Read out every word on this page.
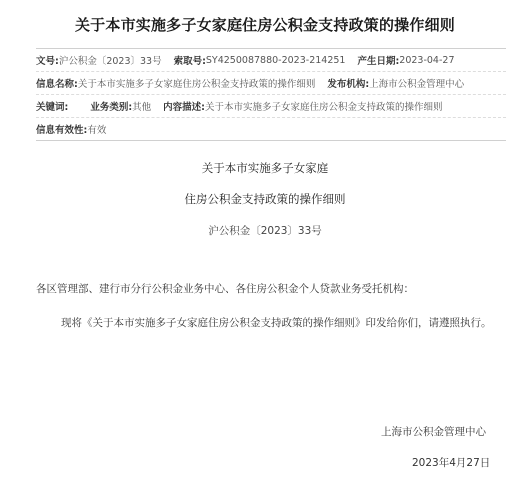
关于本市实施多子女家庭住房公积金支持政策的操作细则
文号: 沪公积金〔2023〕33号 索取号: SY4250087880-2023-214251 产生日期: 2023-04-27
信息名称: 关于本市实施多子女家庭住房公积金支持政策的操作细则 发布机构: 上海市公积金管理中心
关键词: 业务类别: 其他 内容描述: 关于本市实施多子女家庭住房公积金支持政策的操作细则
信息有效性: 有效
关于本市实施多子女家庭
住房公积金支持政策的操作细则
沪公积金〔2023〕33号
各区管理部、建行市分行公积金业务中心、各住房公积金个人贷款业务受托机构：
现将《关于本市实施多子女家庭住房公积金支持政策的操作细则》印发给你们，请遵照执行。
上海市公积金管理中心
2023年4月27日
